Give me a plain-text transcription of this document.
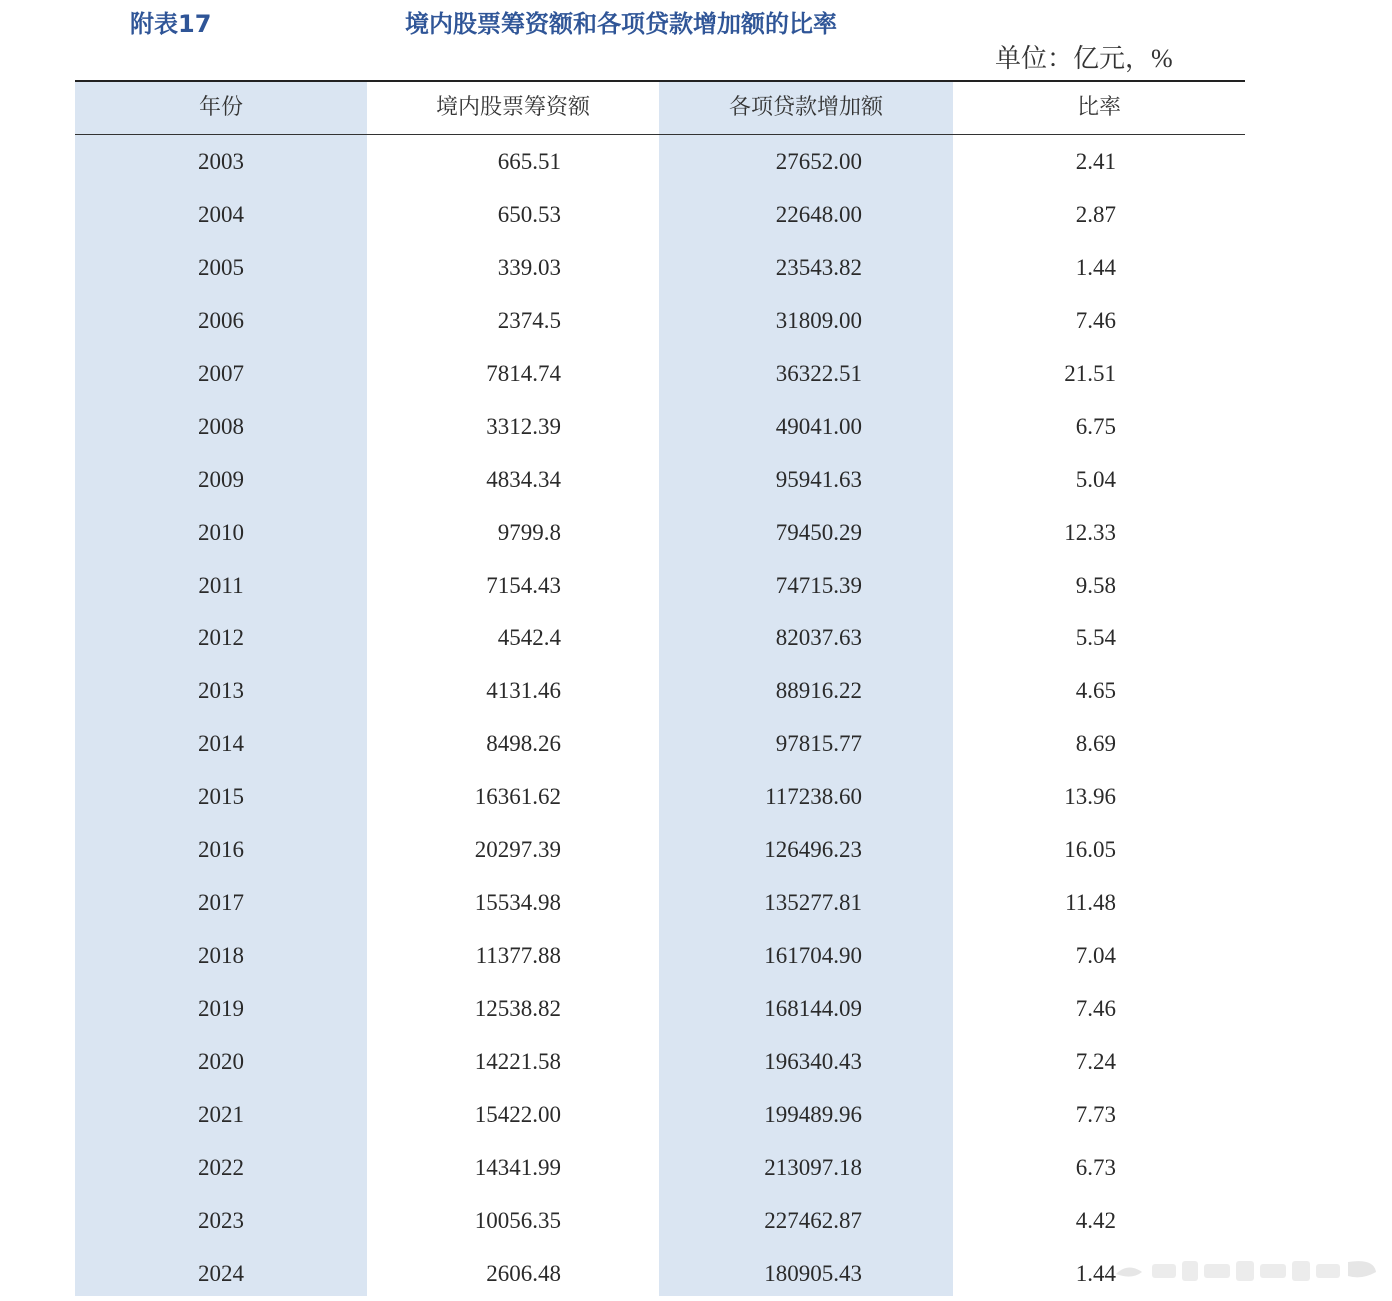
附表17	境内股票筹资额和各项贷款增加额的比率
单位：亿元，%
年份	境内股票筹资额	各项贷款增加额	比率
2003	665.51	27652.00	2.41
2004	650.53	22648.00	2.87
2005	339.03	23543.82	1.44
2006	2374.5	31809.00	7.46
2007	7814.74	36322.51	21.51
2008	3312.39	49041.00	6.75
2009	4834.34	95941.63	5.04
2010	9799.8	79450.29	12.33
2011	7154.43	74715.39	9.58
2012	4542.4	82037.63	5.54
2013	4131.46	88916.22	4.65
2014	8498.26	97815.77	8.69
2015	16361.62	117238.60	13.96
2016	20297.39	126496.23	16.05
2017	15534.98	135277.81	11.48
2018	11377.88	161704.90	7.04
2019	12538.82	168144.09	7.46
2020	14221.58	196340.43	7.24
2021	15422.00	199489.96	7.73
2022	14341.99	213097.18	6.73
2023	10056.35	227462.87	4.42
2024	2606.48	180905.43	1.44
